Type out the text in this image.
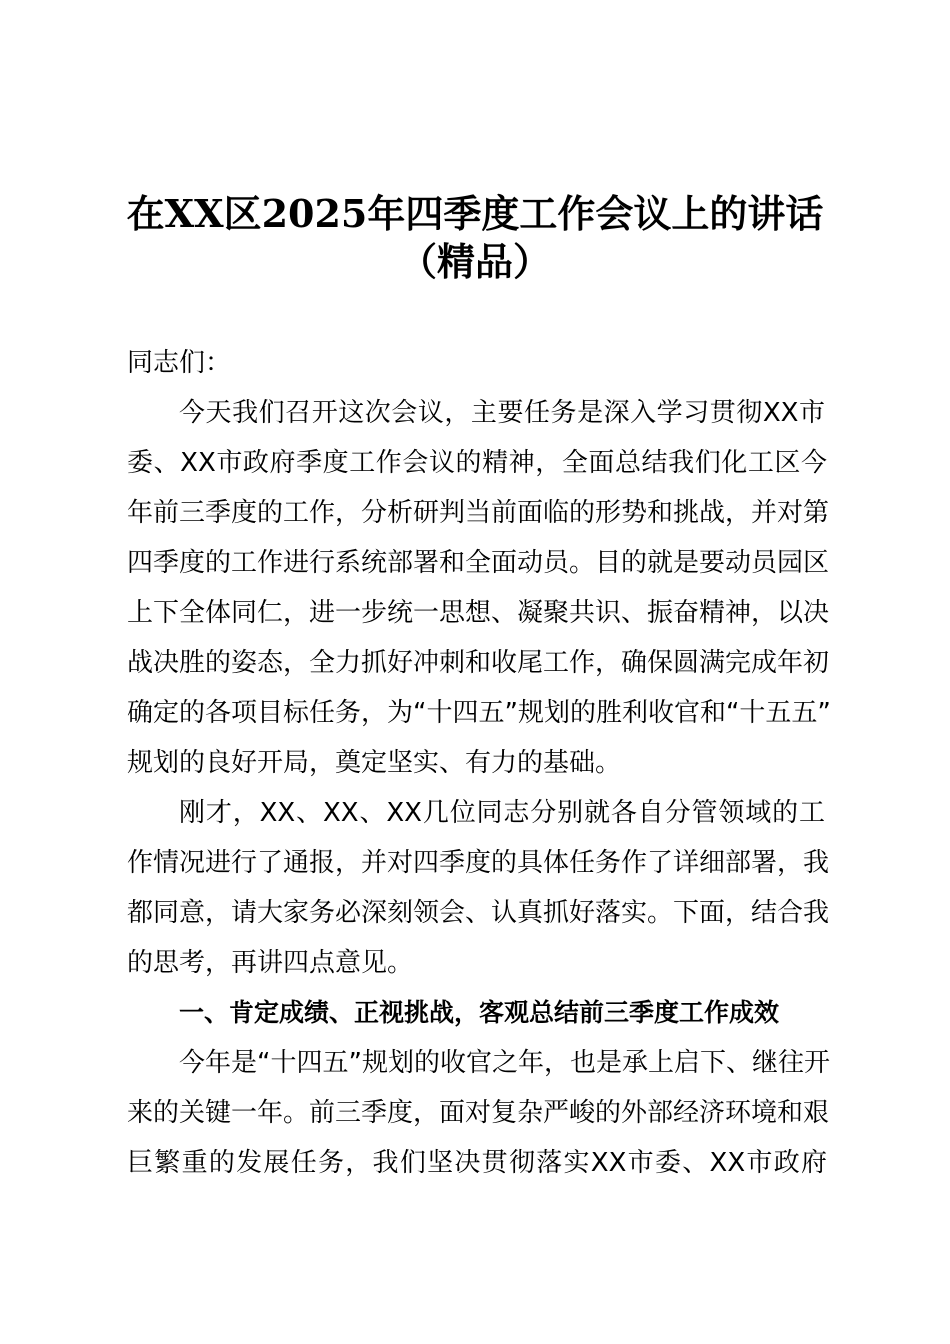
在XX区2025年四季度工作会议上的讲话
（精品）

同志们：

今天我们召开这次会议，主要任务是深入学习贯彻XX市

委、XX市政府季度工作会议的精神，全面总结我们化工区今

年前三季度的工作，分析研判当前面临的形势和挑战，并对第

四季度的工作进行系统部署和全面动员。目的就是要动员园区

上下全体同仁，进一步统一思想、凝聚共识、振奋精神，以决

战决胜的姿态，全力抓好冲刺和收尾工作，确保圆满完成年初

确定的各项目标任务，为“十四五”规划的胜利收官和“十五五”

规划的良好开局，奠定坚实、有力的基础。

刚才，XX、XX、XX几位同志分别就各自分管领域的工

作情况进行了通报，并对四季度的具体任务作了详细部署，我

都同意，请大家务必深刻领会、认真抓好落实。下面，结合我

的思考，再讲四点意见。

一、肯定成绩、正视挑战，客观总结前三季度工作成效

今年是“十四五”规划的收官之年，也是承上启下、继往开

来的关键一年。前三季度，面对复杂严峻的外部经济环境和艰

巨繁重的发展任务，我们坚决贯彻落实XX市委、XX市政府
